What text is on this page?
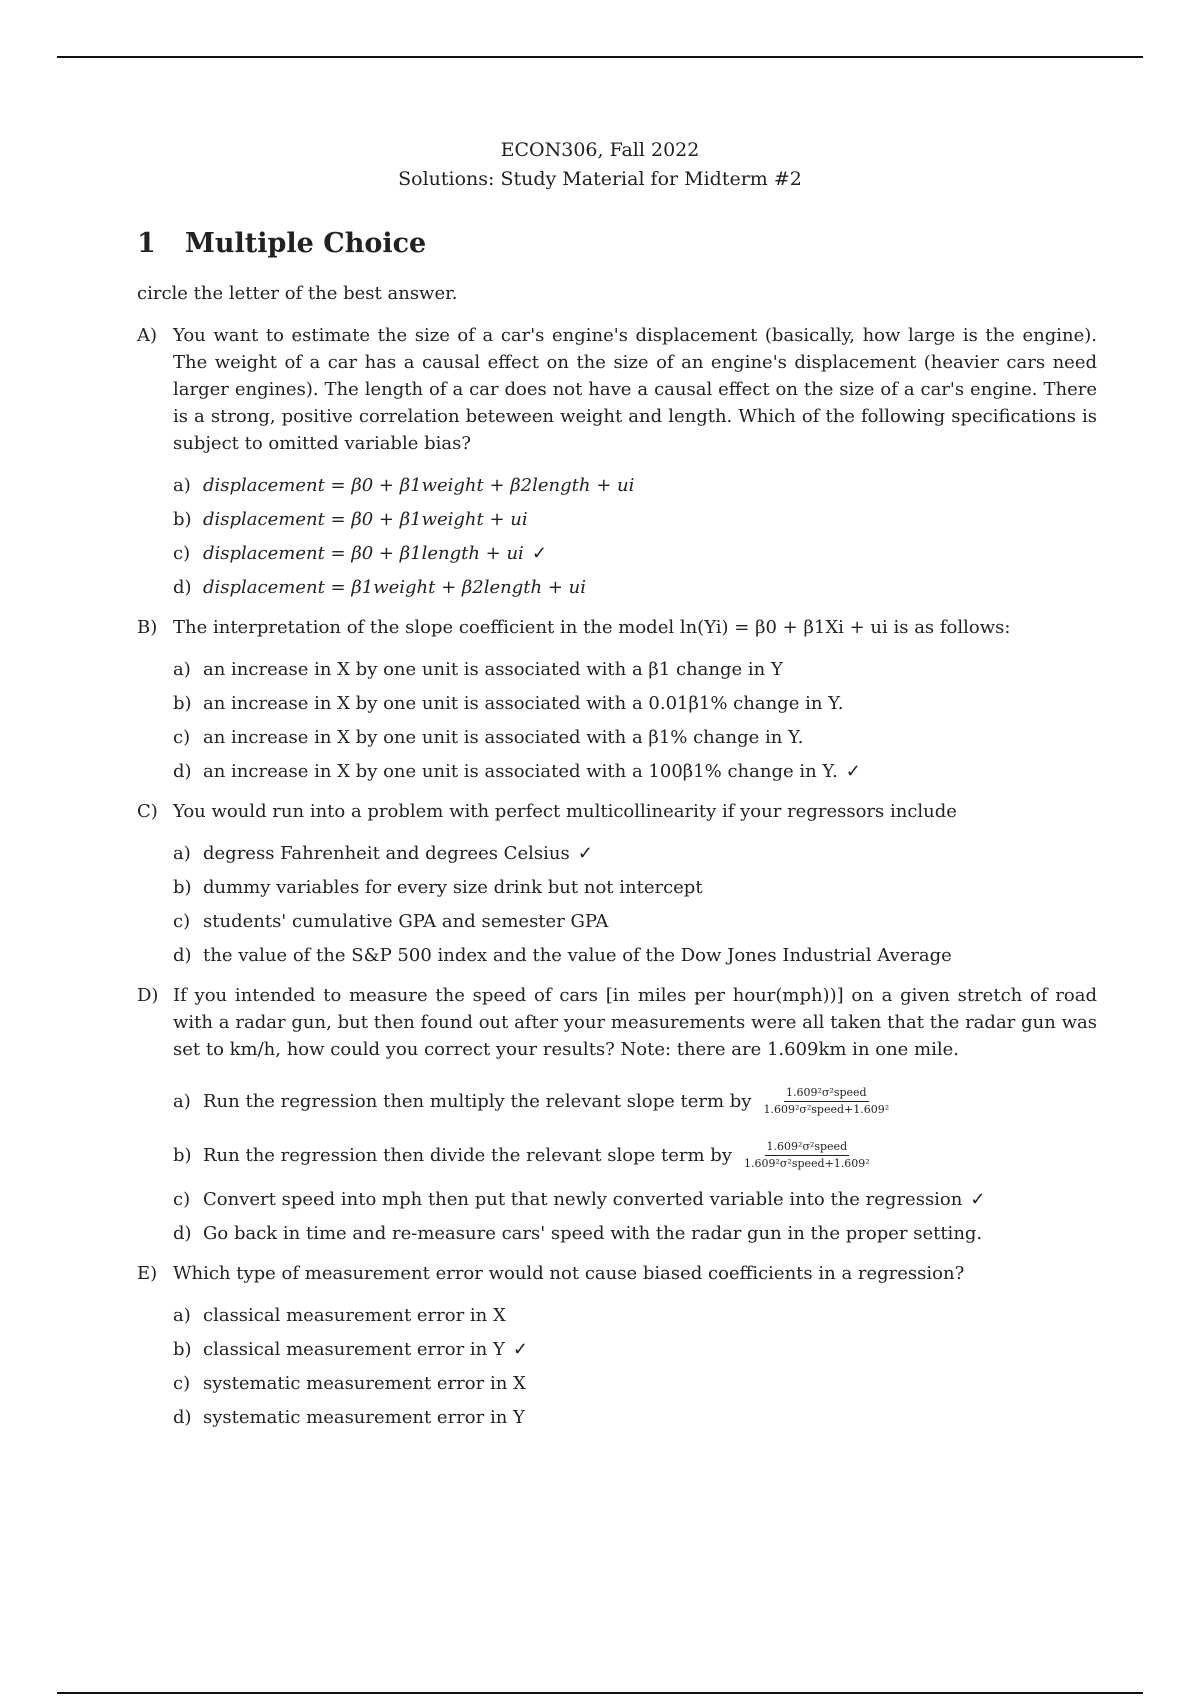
ECON306, Fall 2022
Solutions: Study Material for Midterm #2
1 Multiple Choice
circle the letter of the best answer.
A) You want to estimate the size of a car's engine's displacement (basically, how large is the engine). The weight of a car has a causal effect on the size of an engine's displacement (heavier cars need larger engines). The length of a car does not have a causal effect on the size of a car's engine. There is a strong, positive correlation beteween weight and length. Which of the following specifications is subject to omitted variable bias?
a) displacement = β0 + β1weight + β2length + ui
b) displacement = β0 + β1weight + ui
c) displacement = β0 + β1length + ui ✓
d) displacement = β1weight + β2length + ui
B) The interpretation of the slope coefficient in the model ln(Yi) = β0 + β1Xi + ui is as follows:
a) an increase in X by one unit is associated with a β1 change in Y
b) an increase in X by one unit is associated with a 0.01β1% change in Y.
c) an increase in X by one unit is associated with a β1% change in Y.
d) an increase in X by one unit is associated with a 100β1% change in Y. ✓
C) You would run into a problem with perfect multicollinearity if your regressors include
a) degress Fahrenheit and degrees Celsius ✓
b) dummy variables for every size drink but not intercept
c) students' cumulative GPA and semester GPA
d) the value of the S&P 500 index and the value of the Dow Jones Industrial Average
D) If you intended to measure the speed of cars [in miles per hour(mph))] on a given stretch of road with a radar gun, but then found out after your measurements were all taken that the radar gun was set to km/h, how could you correct your results? Note: there are 1.609km in one mile.
a) Run the regression then multiply the relevant slope term by $\frac{\text{1.609²σ²speed}}{\text{1.609²σ²speed+1.609²}}$
b) Run the regression then divide the relevant slope term by $\frac{\text{1.609²σ²speed}}{\text{1.609²σ²speed+1.609²}}$
c) Convert speed into mph then put that newly converted variable into the regression ✓
d) Go back in time and re-measure cars' speed with the radar gun in the proper setting.
E) Which type of measurement error would not cause biased coefficients in a regression?
a) classical measurement error in X
b) classical measurement error in Y ✓
c) systematic measurement error in X
d) systematic measurement error in Y
